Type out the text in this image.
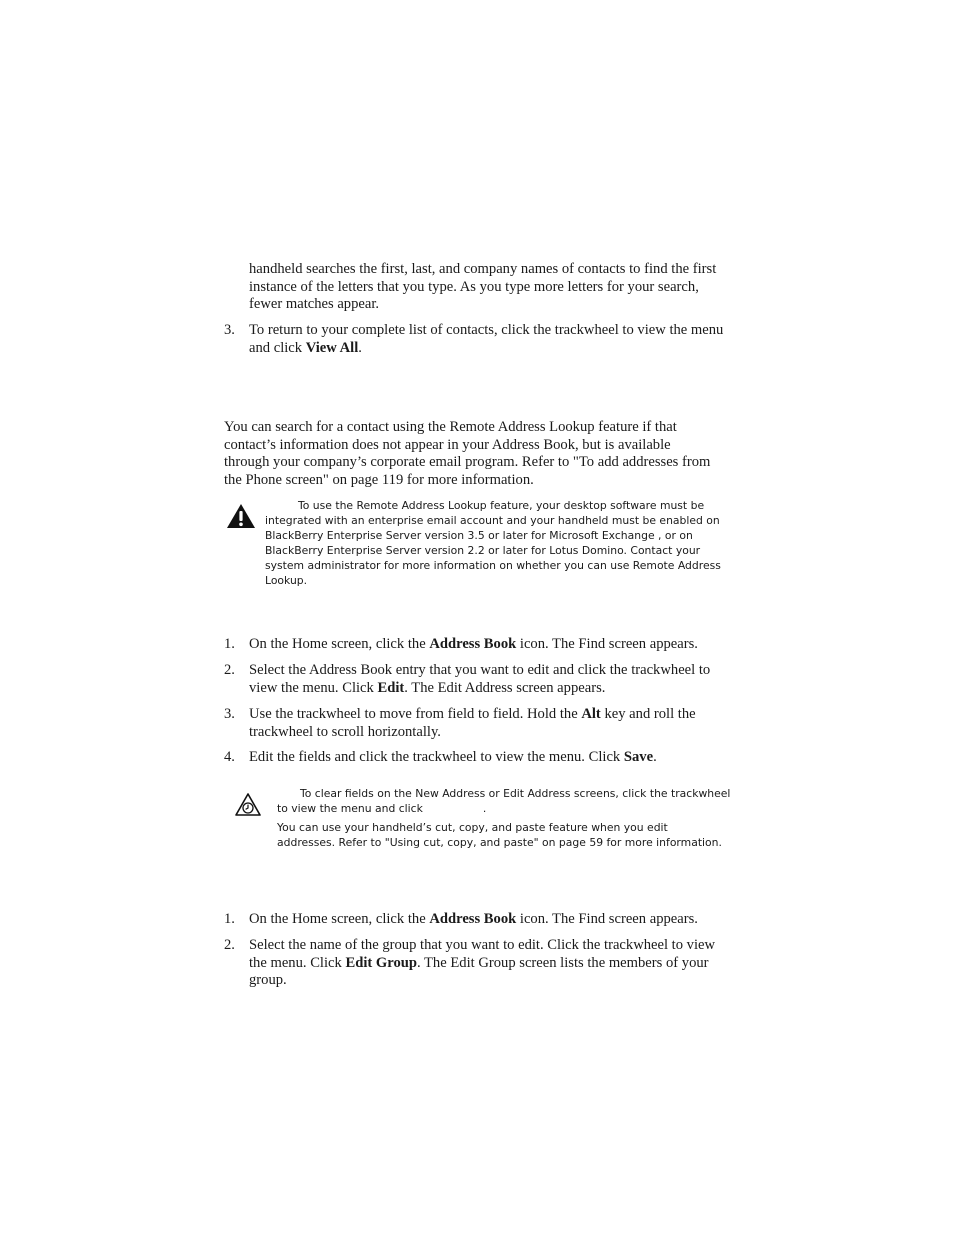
handheld searches the first, last, and company names of contacts to find the first instance of the letters that you type. As you type more letters for your search, fewer matches appear.

3. To return to your complete list of contacts, click the trackwheel to view the menu and click View All.

You can search for a contact using the Remote Address Lookup feature if that contact’s information does not appear in your Address Book, but is available through your company’s corporate email program. Refer to "To add addresses from the Phone screen" on page 119 for more information.

To use the Remote Address Lookup feature, your desktop software must be integrated with an enterprise email account and your handheld must be enabled on BlackBerry Enterprise Server version 3.5 or later for Microsoft Exchange , or on BlackBerry Enterprise Server version 2.2 or later for Lotus Domino. Contact your system administrator for more information on whether you can use Remote Address Lookup.
1. On the Home screen, click the Address Book icon. The Find screen appears.
2. Select the Address Book entry that you want to edit and click the trackwheel to view the menu. Click Edit. The Edit Address screen appears.
3. Use the trackwheel to move from field to field. Hold the Alt key and roll the trackwheel to scroll horizontally.
4. Edit the fields and click the trackwheel to view the menu. Click Save.
To clear fields on the New Address or Edit Address screens, click the trackwheel to view the menu and click	.
You can use your handheld’s cut, copy, and paste feature when you edit addresses. Refer to "Using cut, copy, and paste" on page 59 for more information.
1. On the Home screen, click the Address Book icon. The Find screen appears.
2. Select the name of the group that you want to edit. Click the trackwheel to view the menu. Click Edit Group. The Edit Group screen lists the members of your group.
